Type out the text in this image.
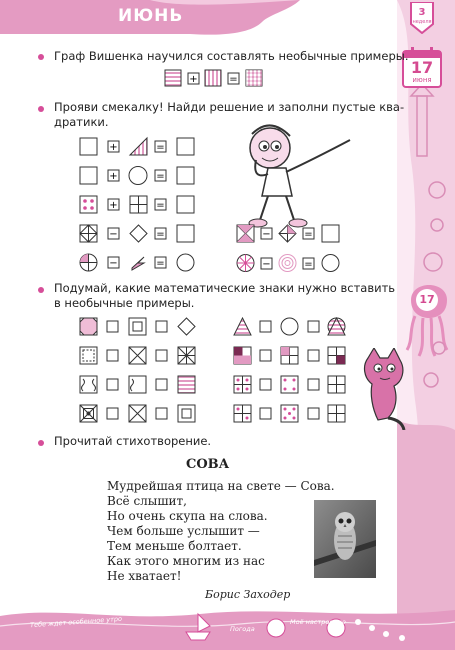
ИЮНЬ	3
неделя
17
июня
17
Граф Вишенка научился составлять необычные примеры.
+	=
Прояви смекалку! Найди решение и заполни пустые ква-
дратики.
+	=
+	=
+	=
−	=
−	=
−	=
−	=
Подумай, какие математические знаки нужно вставить
в необычные примеры.
Прочитай стихотворение.
СОВА
Мудрейшая птица на свете — Сова.
Всё слышит,
Но очень скупа на слова.
Чем больше услышит —
Тем меньше болтает.
Как этого многим из нас
Не хватает!
Борис Заходер
Тебе ждет особенное утро	Погода
Моё настроение
